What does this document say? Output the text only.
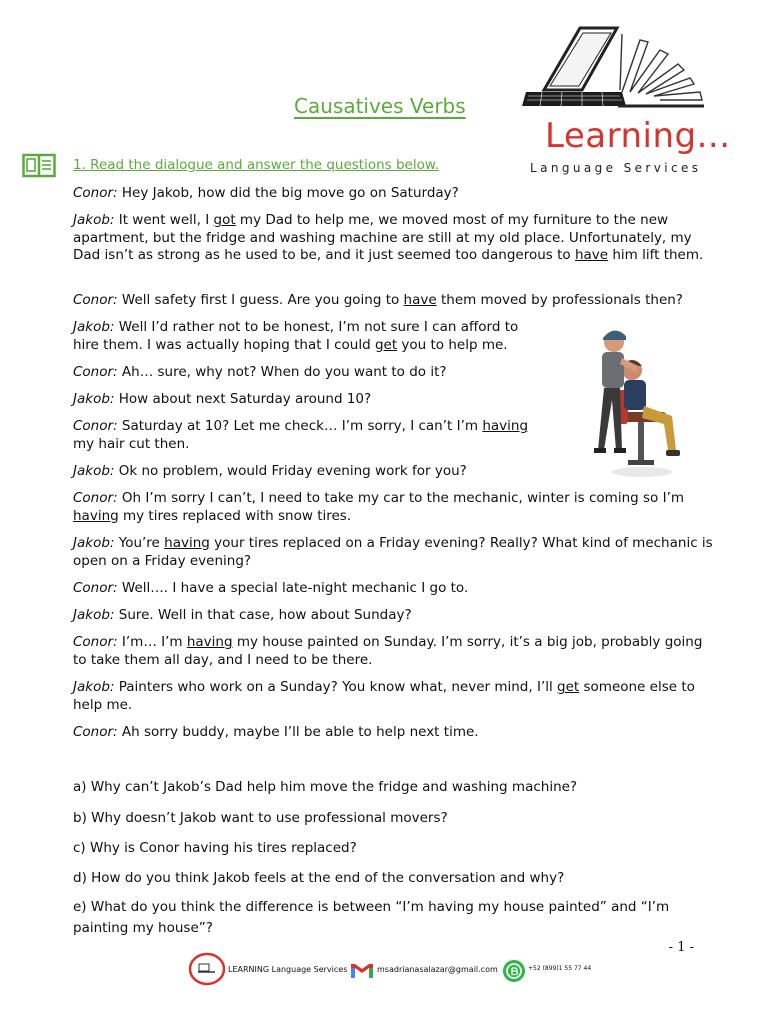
Learning...
Language Services
Causatives Verbs
1. Read the dialogue and answer the questions below.
Conor: Hey Jakob, how did the big move go on Saturday?
Jakob: It went well, I got my Dad to help me, we moved most of my furniture to the new apartment, but the fridge and washing machine are still at my old place. Unfortunately, my Dad isn’t as strong as he used to be, and it just seemed too dangerous to have him lift them.
Conor: Well safety first I guess. Are you going to have them moved by professionals then?
Jakob: Well I’d rather not to be honest, I’m not sure I can afford to hire them. I was actually hoping that I could get you to help me.
Conor: Ah… sure, why not? When do you want to do it?
Jakob: How about next Saturday around 10?
Conor: Saturday at 10? Let me check… I’m sorry, I can’t I’m having my hair cut then.
Jakob: Ok no problem, would Friday evening work for you?
Conor: Oh I’m sorry I can’t, I need to take my car to the mechanic, winter is coming so I’m having my tires replaced with snow tires.
Jakob: You’re having your tires replaced on a Friday evening? Really? What kind of mechanic is open on a Friday evening?
Conor: Well…. I have a special late-night mechanic I go to.
Jakob: Sure. Well in that case, how about Sunday?
Conor: I’m… I’m having my house painted on Sunday. I’m sorry, it’s a big job, probably going to take them all day, and I need to be there.
Jakob: Painters who work on a Sunday? You know what, never mind, I’ll get someone else to help me.
Conor: Ah sorry buddy, maybe I’ll be able to help next time.
a) Why can’t Jakob’s Dad help him move the fridge and washing machine?
b) Why doesn’t Jakob want to use professional movers?
c) Why is Conor having his tires replaced?
d) How do you think Jakob feels at the end of the conversation and why?
e) What do you think the difference is between “I’m having my house painted” and “I’m painting my house”?
- 1 -
LEARNING Language Services	msadrianasalazar@gmail.com	+52 (899)1 55 77 44
